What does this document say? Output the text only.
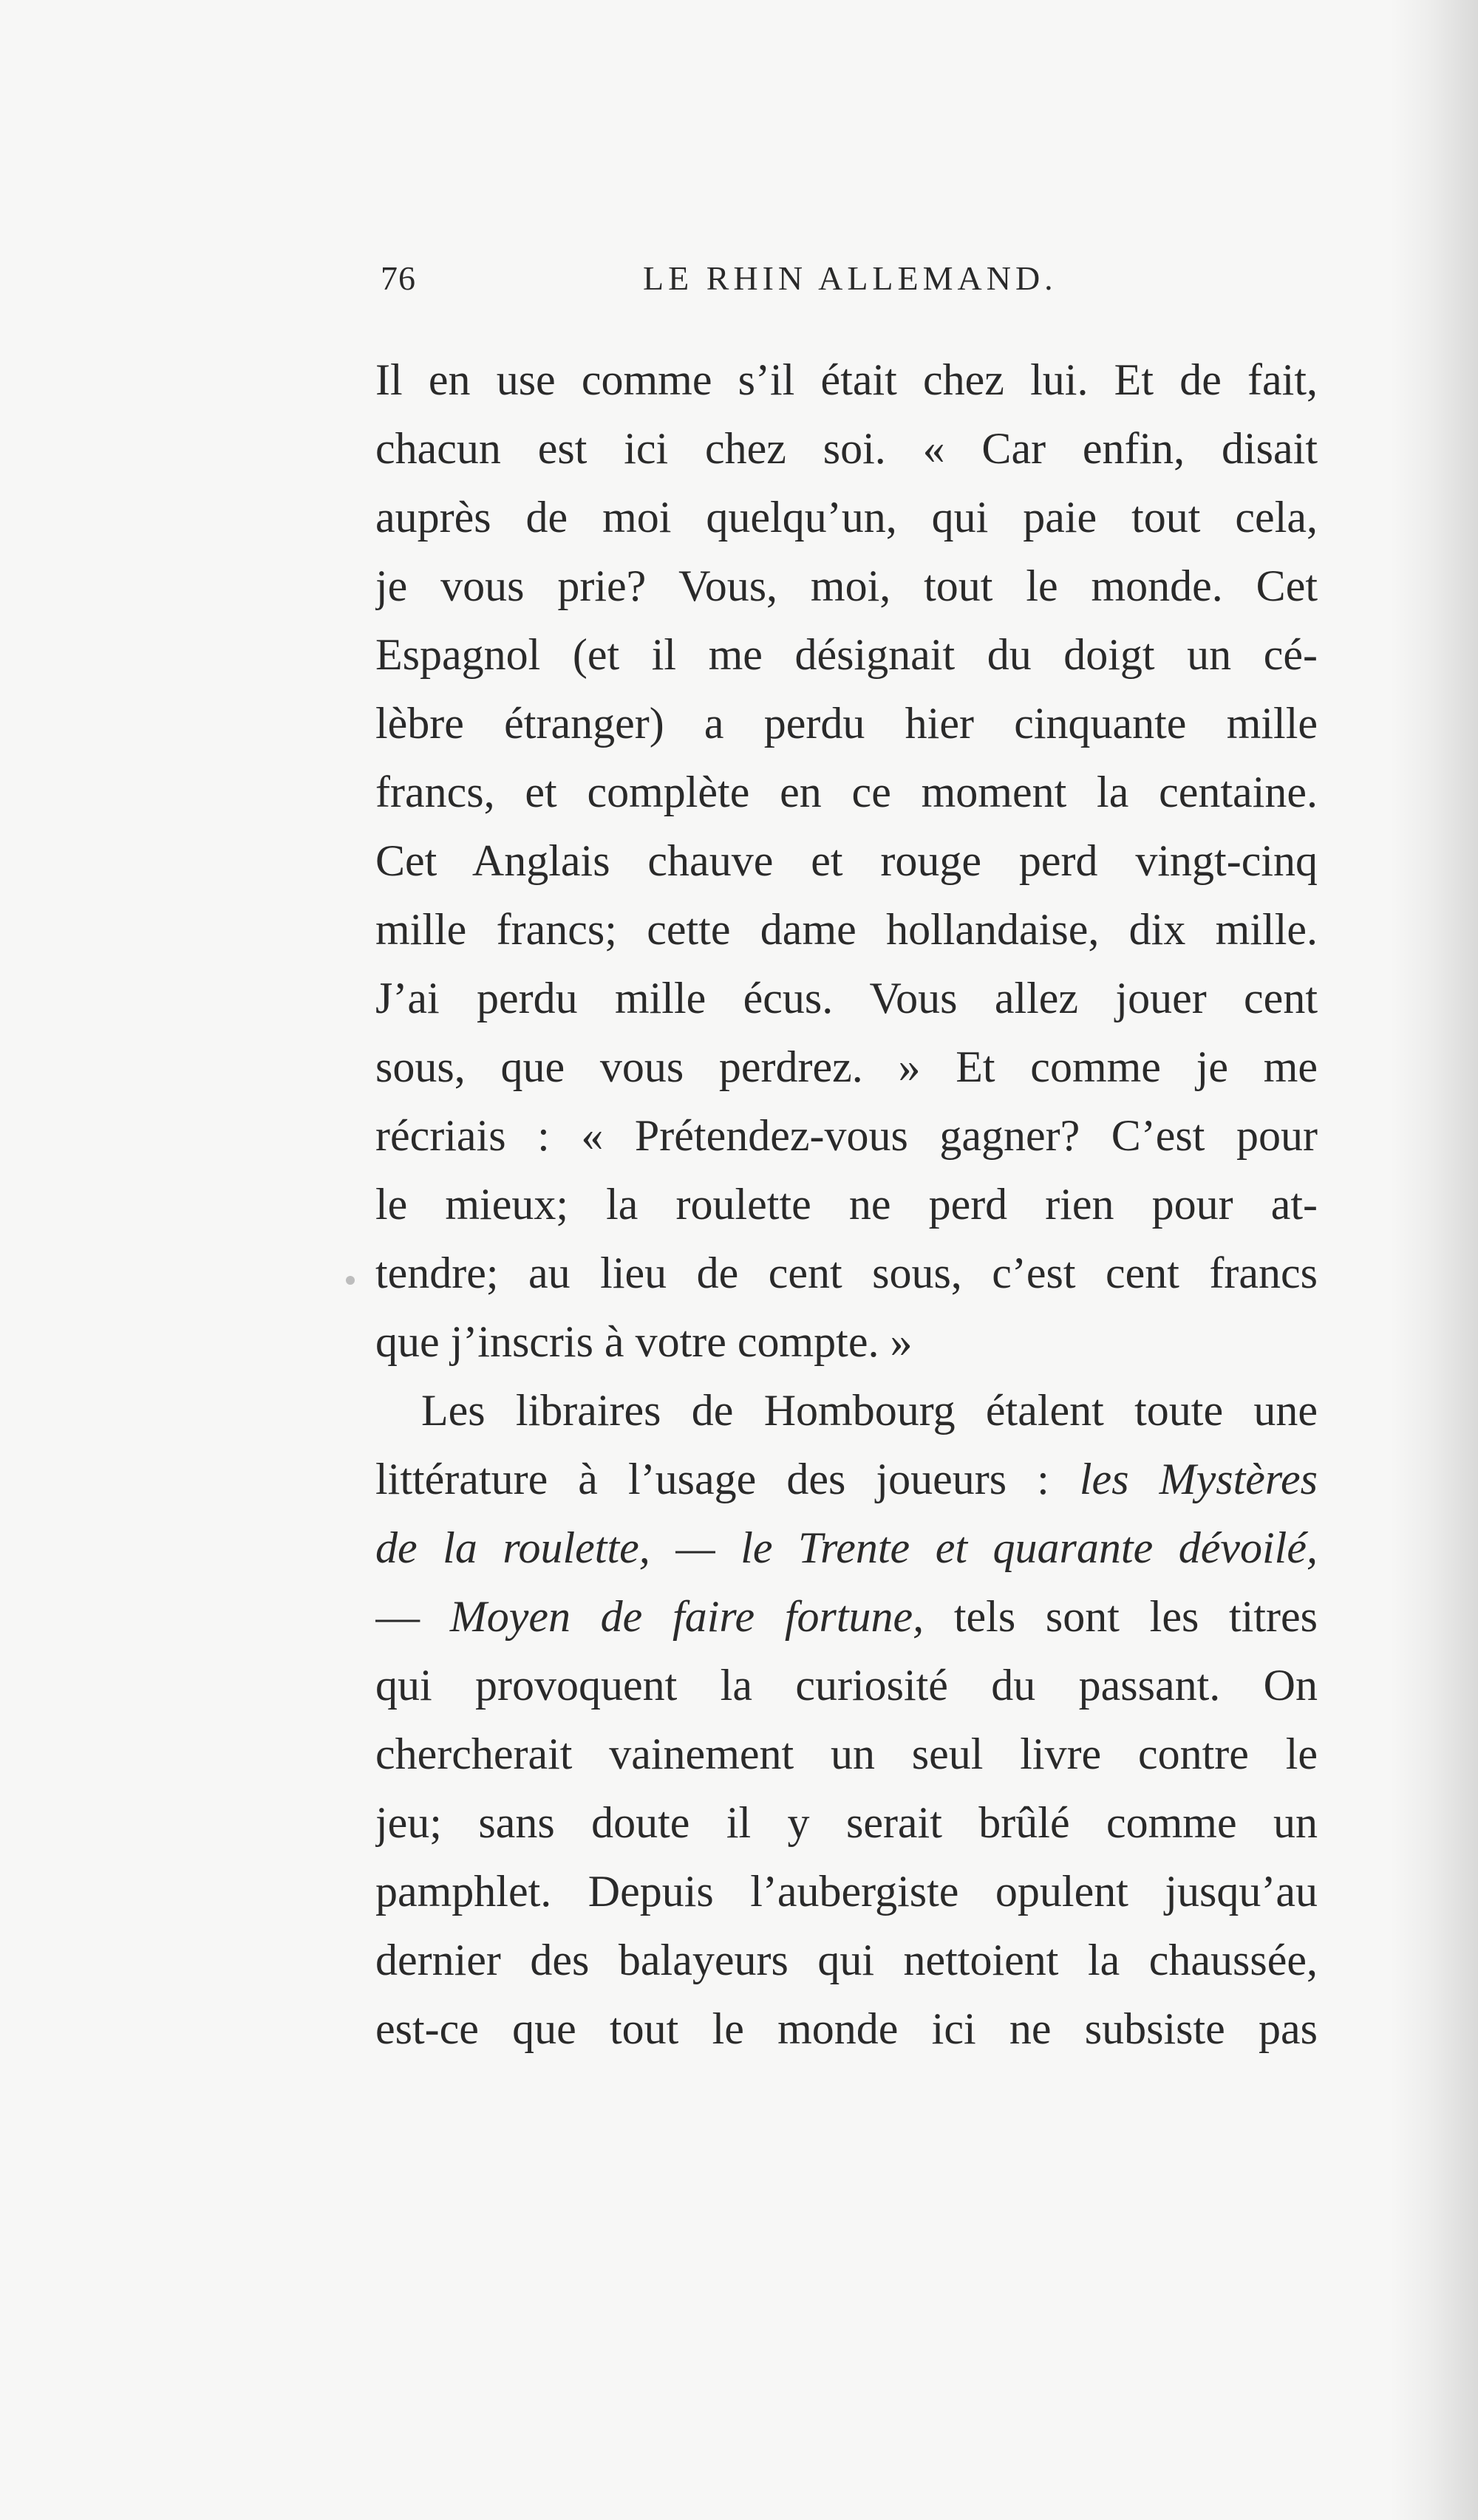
76	LE RHIN ALLEMAND.
Il en use comme s’il était chez lui. Et de fait,
chacun est ici chez soi. « Car enfin, disait
auprès de moi quelqu’un, qui paie tout cela,
je vous prie? Vous, moi, tout le monde. Cet
Espagnol (et il me désignait du doigt un cé-
lèbre étranger) a perdu hier cinquante mille
francs, et complète en ce moment la centaine.
Cet Anglais chauve et rouge perd vingt-cinq
mille francs; cette dame hollandaise, dix mille.
J’ai perdu mille écus. Vous allez jouer cent
sous, que vous perdrez. » Et comme je me
récriais : « Prétendez-vous gagner? C’est pour
le mieux; la roulette ne perd rien pour at-
tendre; au lieu de cent sous, c’est cent francs
que j’inscris à votre compte. »
Les libraires de Hombourg étalent toute une
littérature à l’usage des joueurs : les Mystères
de la roulette, — le Trente et quarante dévoilé,
— Moyen de faire fortune, tels sont les titres
qui provoquent la curiosité du passant. On
chercherait vainement un seul livre contre le
jeu; sans doute il y serait brûlé comme un
pamphlet. Depuis l’aubergiste opulent jusqu’au
dernier des balayeurs qui nettoient la chaussée,
est-ce que tout le monde ici ne subsiste pas
